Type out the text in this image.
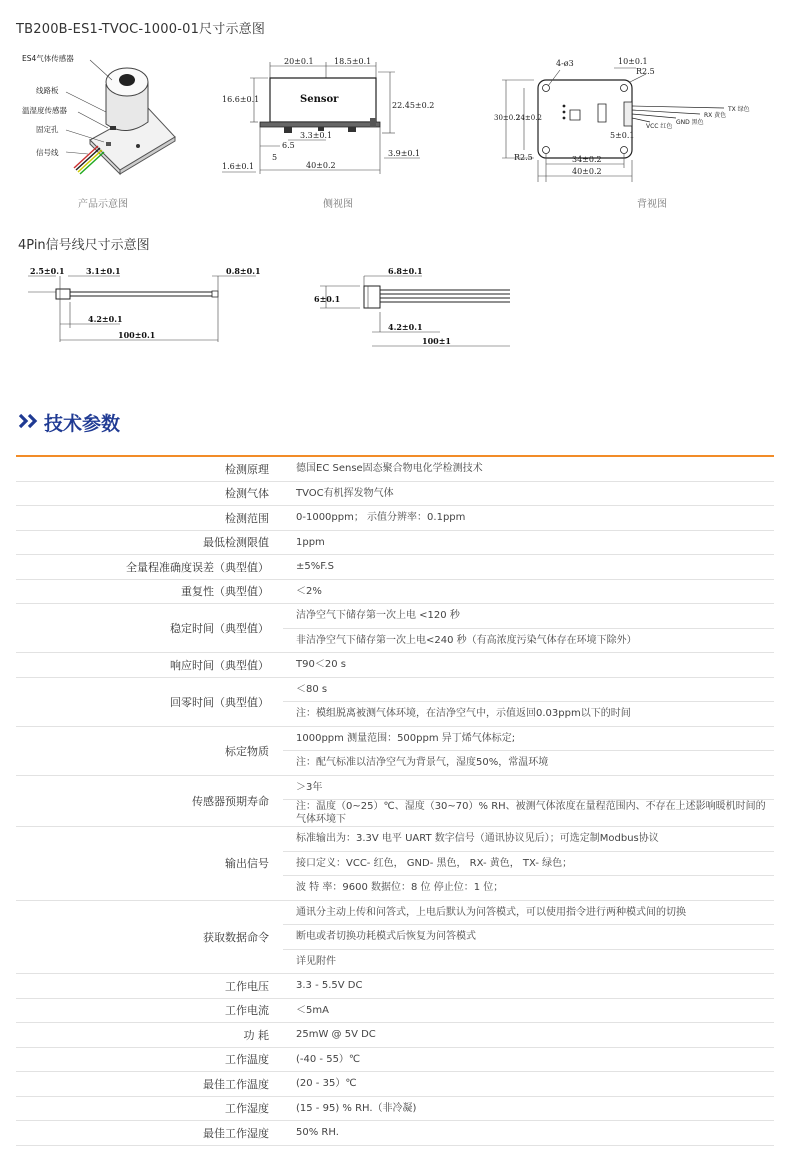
TB200B-ES1-TVOC-1000-01尺寸示意图
ES4气体传感器
线路板
温湿度传感器
固定孔
信号线
产品示意图
20±0.1	18.5±0.1
Sensor
16.6±0.1
22.45±0.2
3.3±0.1
6.5
5
40±0.2
1.6±0.1
3.9±0.1
侧视图
TX 绿色
RX 黄色
GND 黑色
VCC 红色
4-ø3	10±0.1
R2.5
30±0.2
24±0.2
R2.5	34±0.2
40±0.2
5±0.1
背视图
4Pin信号线尺寸示意图
2.5±0.1	3.1±0.1	0.8±0.1
4.2±0.1
100±0.1
6.8±0.1
6±0.1
4.2±0.1
100±1
技术参数
检测原理	德国EC Sense固态聚合物电化学检测技术
检测气体	TVOC有机挥发物气体
检测范围	0-1000ppm； 示值分辨率：0.1ppm
最低检测限值	1ppm
全量程准确度误差（典型值）	±5%F.S
重复性（典型值）	＜2%
稳定时间（典型值）	洁净空气下储存第一次上电 <120 秒
	非洁净空气下储存第一次上电<240 秒（有高浓度污染气体存在环境下除外）
响应时间（典型值）	T90＜20 s
回零时间（典型值）	＜80 s
	注：模组脱离被测气体环境，在洁净空气中，示值返回0.03ppm以下的时间
标定物质	1000ppm 测量范围：500ppm 异丁烯气体标定;
	注：配气标准以洁净空气为背景气，湿度50%，常温环境
传感器预期寿命	＞3年
	注：温度（0~25）℃、湿度（30~70）% RH、被测气体浓度在量程范围内、不存在上述影响暖机时间的气体环境下
输出信号	标准输出为：3.3V 电平 UART 数字信号（通讯协议见后）；可选定制Modbus协议
	接口定义：VCC- 红色， GND- 黑色， RX- 黄色， TX- 绿色；
	波 特 率：9600 数据位：8 位 停止位：1 位；
获取数据命令	通讯分主动上传和问答式，上电后默认为问答模式，可以使用指令进行两种模式间的切换
	断电或者切换功耗模式后恢复为问答模式
	详见附件
工作电压	3.3 - 5.5V DC
工作电流	＜5mA
功 耗	25mW @ 5V DC
工作温度	(-40 - 55）℃
最佳工作温度	(20 - 35）℃
工作湿度	(15 - 95) % RH.（非冷凝)
最佳工作湿度	50% RH.
